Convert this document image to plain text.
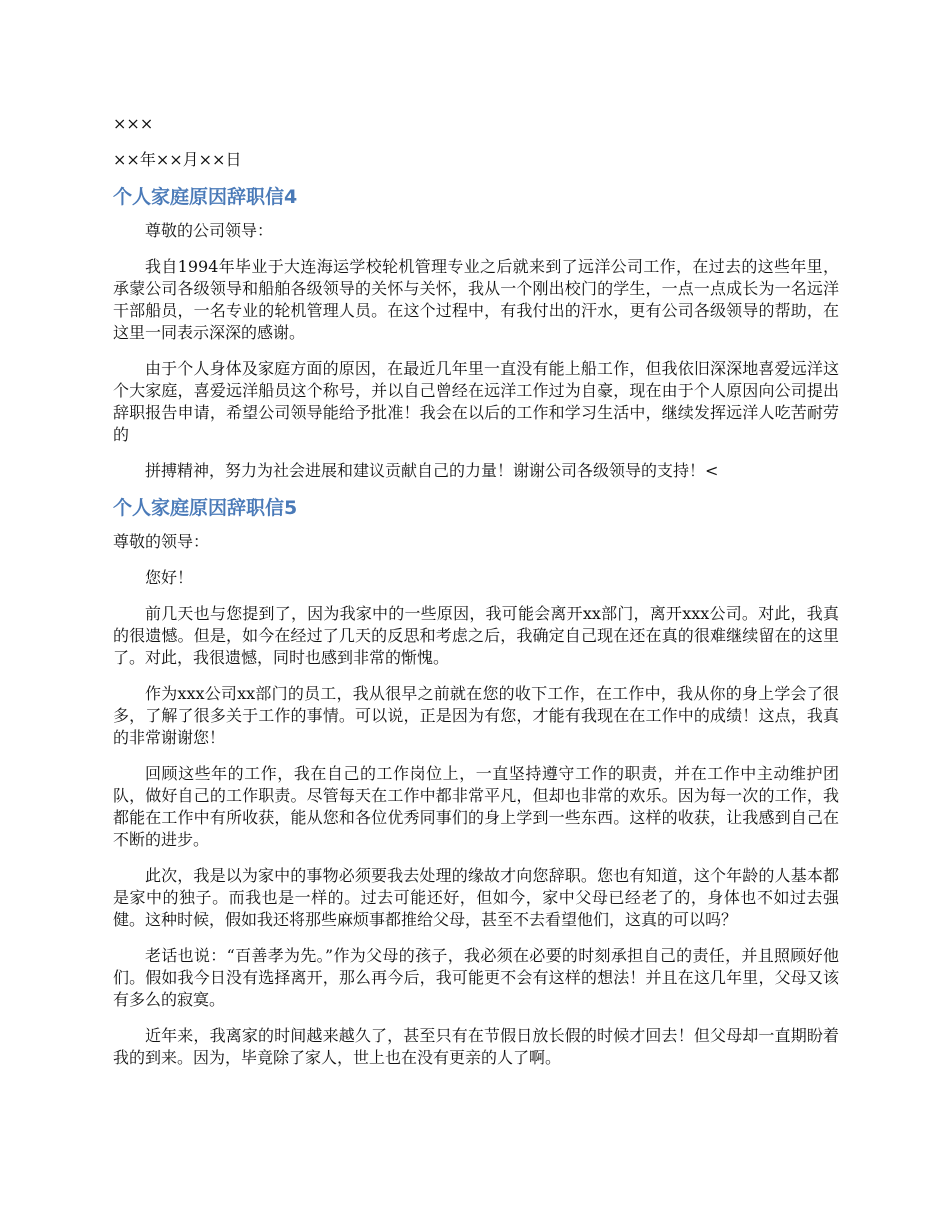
×××

××年××月××日

个人家庭原因辞职信4

尊敬的公司领导：

我自1994年毕业于大连海运学校轮机管理专业之后就来到了远洋公司工作，在过去的这些年里，承蒙公司各级领导和船舶各级领导的关怀与关怀，我从一个刚出校门的学生，一点一点成长为一名远洋干部船员，一名专业的轮机管理人员。在这个过程中，有我付出的汗水，更有公司各级领导的帮助，在这里一同表示深深的感谢。

由于个人身体及家庭方面的原因，在最近几年里一直没有能上船工作，但我依旧深深地喜爱远洋这个大家庭，喜爱远洋船员这个称号，并以自己曾经在远洋工作过为自豪，现在由于个人原因向公司提出辞职报告申请，希望公司领导能给予批准！我会在以后的工作和学习生活中，继续发挥远洋人吃苦耐劳的

拼搏精神，努力为社会进展和建议贡献自己的力量！谢谢公司各级领导的支持！<

个人家庭原因辞职信5

尊敬的领导：

您好！

前几天也与您提到了，因为我家中的一些原因，我可能会离开xx部门，离开xxx公司。对此，我真的很遗憾。但是，如今在经过了几天的反思和考虑之后，我确定自己现在还在真的很难继续留在的这里了。对此，我很遗憾，同时也感到非常的惭愧。

作为xxx公司xx部门的员工，我从很早之前就在您的收下工作，在工作中，我从你的身上学会了很多，了解了很多关于工作的事情。可以说，正是因为有您，才能有我现在在工作中的成绩！这点，我真的非常谢谢您！

回顾这些年的工作，我在自己的工作岗位上，一直坚持遵守工作的职责，并在工作中主动维护团队，做好自己的工作职责。尽管每天在工作中都非常平凡，但却也非常的欢乐。因为每一次的工作，我都能在工作中有所收获，能从您和各位优秀同事们的身上学到一些东西。这样的收获，让我感到自己在不断的进步。

此次，我是以为家中的事物必须要我去处理的缘故才向您辞职。您也有知道，这个年龄的人基本都是家中的独子。而我也是一样的。过去可能还好，但如今，家中父母已经老了的，身体也不如过去强健。这种时候，假如我还将那些麻烦事都推给父母，甚至不去看望他们，这真的可以吗？

老话也说：“百善孝为先。”作为父母的孩子，我必须在必要的时刻承担自己的责任，并且照顾好他们。假如我今日没有选择离开，那么再今后，我可能更不会有这样的想法！并且在这几年里，父母又该有多么的寂寞。

近年来，我离家的时间越来越久了，甚至只有在节假日放长假的时候才回去！但父母却一直期盼着我的到来。因为，毕竟除了家人，世上也在没有更亲的人了啊。
